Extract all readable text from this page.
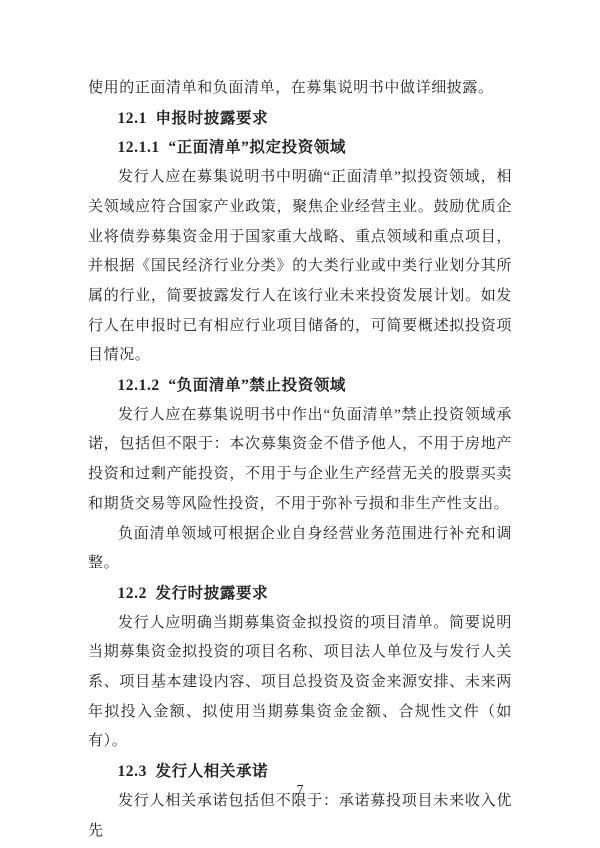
使用的正面清单和负面清单，在募集说明书中做详细披露。

12.1 申报时披露要求
12.1.1 “正面清单”拟定投资领域

发行人应在募集说明书中明确“正面清单”拟投资领域，相关领域应符合国家产业政策，聚焦企业经营主业。鼓励优质企业将债券募集资金用于国家重大战略、重点领域和重点项目，并根据《国民经济行业分类》的大类行业或中类行业划分其所属的行业，简要披露发行人在该行业未来投资发展计划。如发行人在申报时已有相应行业项目储备的，可简要概述拟投资项目情况。

12.1.2 “负面清单”禁止投资领域

发行人应在募集说明书中作出“负面清单”禁止投资领域承诺，包括但不限于：本次募集资金不借予他人，不用于房地产投资和过剩产能投资，不用于与企业生产经营无关的股票买卖和期货交易等风险性投资，不用于弥补亏损和非生产性支出。

负面清单领域可根据企业自身经营业务范围进行补充和调整。

12.2 发行时披露要求

发行人应明确当期募集资金拟投资的项目清单。简要说明当期募集资金拟投资的项目名称、项目法人单位及与发行人关系、项目基本建设内容、项目总投资及资金来源安排、未来两年拟投入金额、拟使用当期募集资金金额、合规性文件（如有）。

12.3 发行人相关承诺

发行人相关承诺包括但不限于：承诺募投项目未来收入优先

7
